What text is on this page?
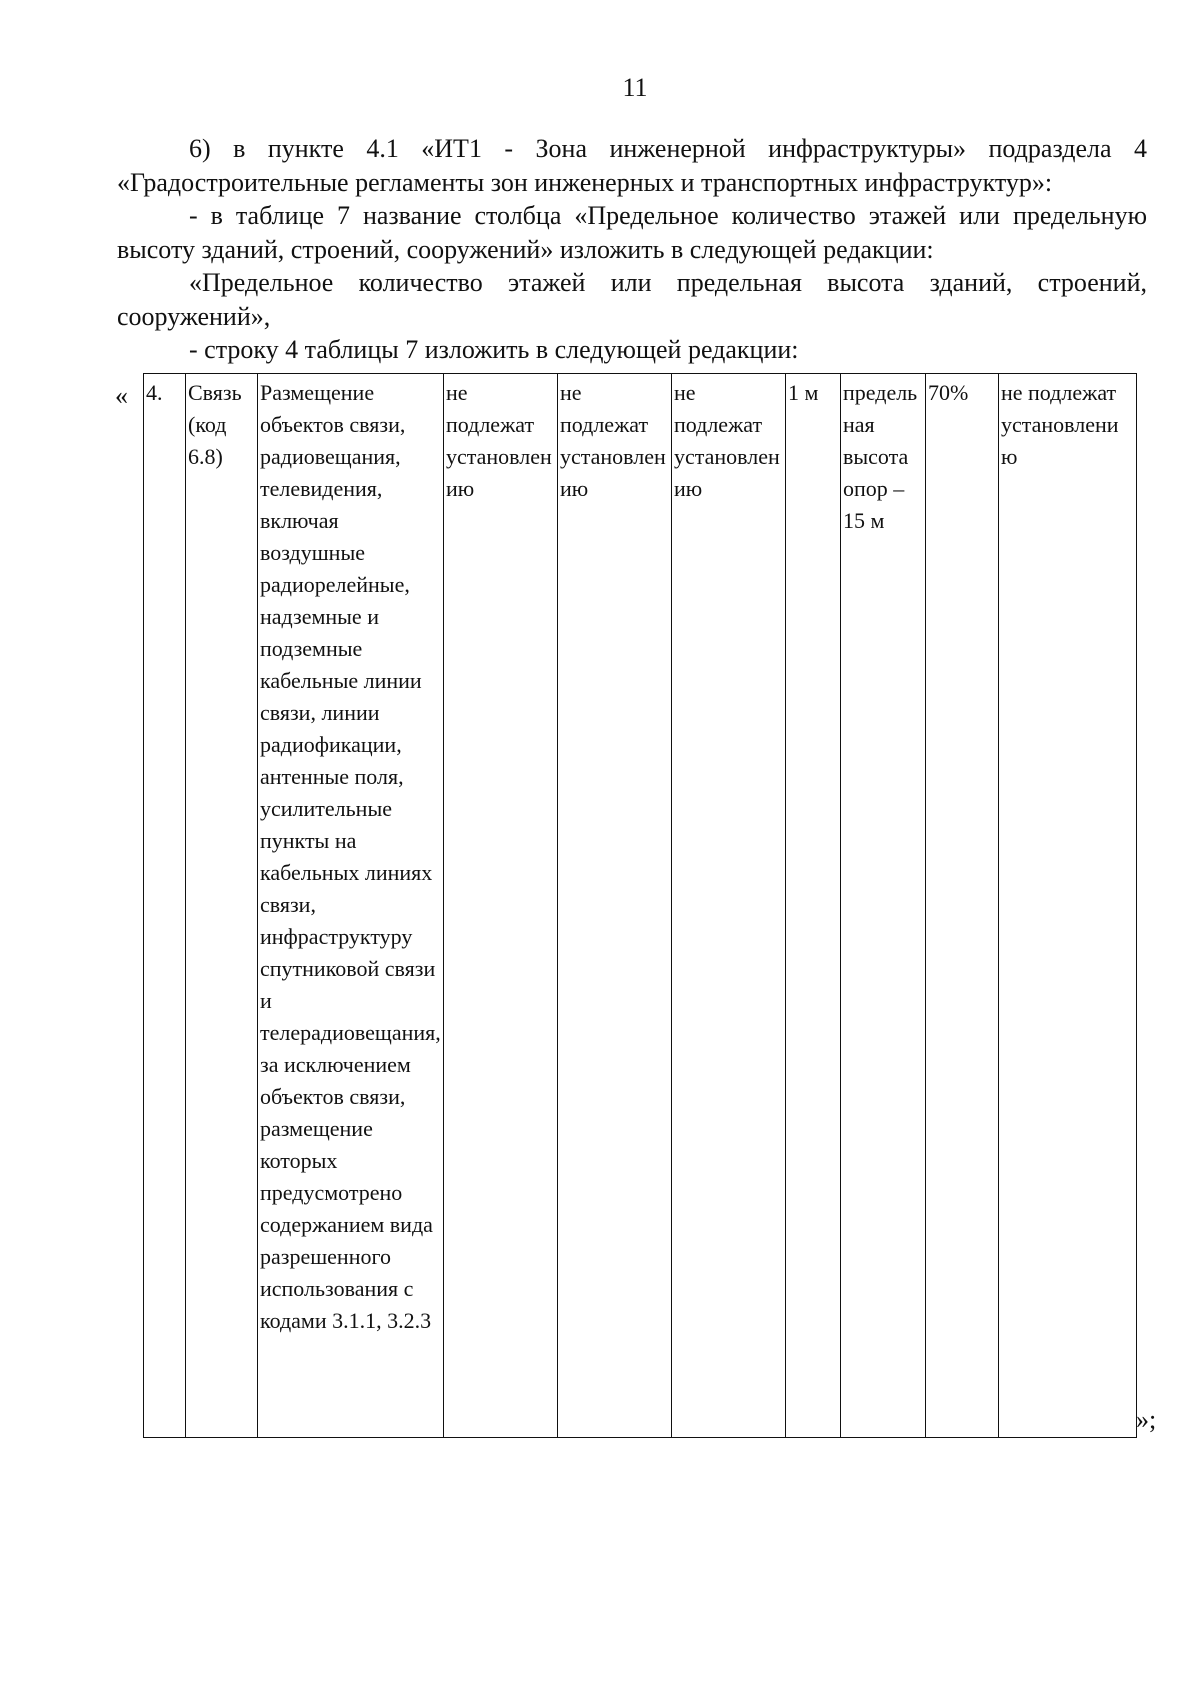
11

6) в пункте 4.1 «ИТ1 - Зона инженерной инфраструктуры» подраздела 4 «Градостроительные регламенты зон инженерных и транспортных инфраструктур»:

- в таблице 7 название столбца «Предельное количество этажей или предельную высоту зданий, строений, сооружений» изложить в следующей редакции:

«Предельное количество этажей или предельная высота зданий, строений, сооружений»,

- строку 4 таблицы 7 изложить в следующей редакции:

« 4.	Связь (код 6.8)	Размещение объектов связи, радиовещания, телевидения, включая воздушные радиорелейные, надземные и подземные кабельные линии связи, линии радиофикации, антенные поля, усилительные пункты на кабельных линиях связи, инфраструктуру спутниковой связи и телерадиовещания, за исключением объектов связи, размещение которых предусмотрено содержанием вида разрешенного использования с кодами 3.1.1, 3.2.3	не подлежат установлению	не подлежат установлению	не подлежат установлению	1 м	предельная высота опор – 15 м	70%	не подлежат установлению
»;
